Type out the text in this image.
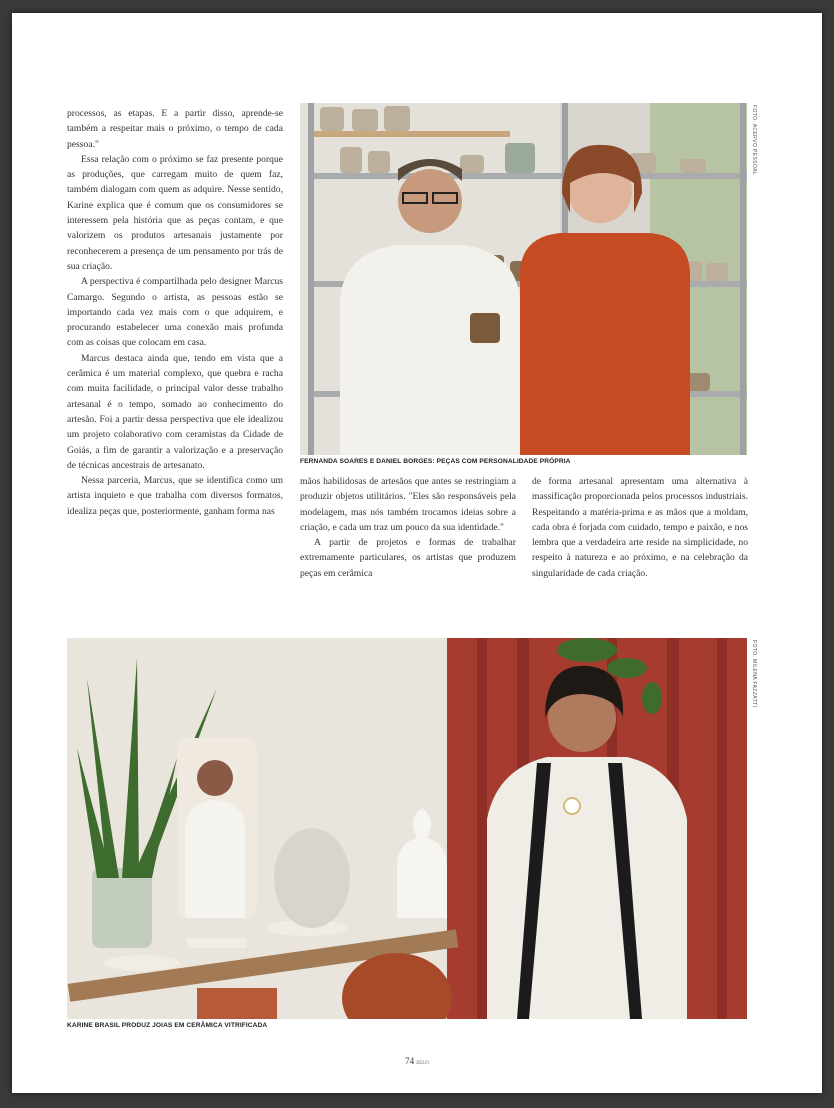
processos, as etapas. E a partir disso, aprende-se também a respeitar mais o próximo, o tempo de cada pessoa."

Essa relação com o próximo se faz presente porque as produções, que carregam muito de quem faz, também dialogam com quem as adquire. Nesse sentido, Karine explica que é comum que os consumidores se interessem pela história que as peças contam, e que valorizem os produtos artesanais justamente por reconhecerem a presença de um pensamento por trás de sua criação.

A perspectiva é compartilhada pelo designer Marcus Camargo. Segundo o artista, as pessoas estão se importando cada vez mais com o que adquirem, e procurando estabelecer uma conexão mais profunda com as coisas que colocam em casa.

Marcus destaca ainda que, tendo em vista que a cerâmica é um material complexo, que quebra e racha com muita facilidade, o principal valor desse trabalho artesanal é o tempo, somado ao conhecimento do artesão. Foi a partir dessa perspectiva que ele idealizou um projeto colaborativo com ceramistas da Cidade de Goiás, a fim de garantir a valorização e a preservação de técnicas ancestrais de artesanato.

Nessa parceria, Marcus, que se identifica como um artista inquieto e que trabalha com diversos formatos, idealiza peças que, posteriormente, ganham forma nas

FERNANDA SOARES E DANIEL BORGES: PEÇAS COM PERSONALIDADE PRÓPRIA
FOTO: ACERVO PESSOAL

mãos habilidosas de artesãos que antes se restringiam a produzir objetos utilitários. "Eles são responsáveis pela modelagem, mas nós também trocamos ideias sobre a criação, e cada um traz um pouco da sua identidade."

A partir de projetos e formas de trabalhar extremamente particulares, os artistas que produzem peças em cerâmica

de forma artesanal apresentam uma alternativa à massificação proporcionada pelos processos industriais. Respeitando a matéria-prima e as mãos que a moldam, cada obra é forjada com cuidado, tempo e paixão, e nos lembra que a verdadeira arte reside na simplicidade, no respeito à natureza e ao próximo, e na celebração da singularidade de cada criação.

KARINE BRASIL PRODUZ JOIAS EM CERÂMICA VITRIFICADA
FOTO: MILENA FAZZATTI
74 ZELO
